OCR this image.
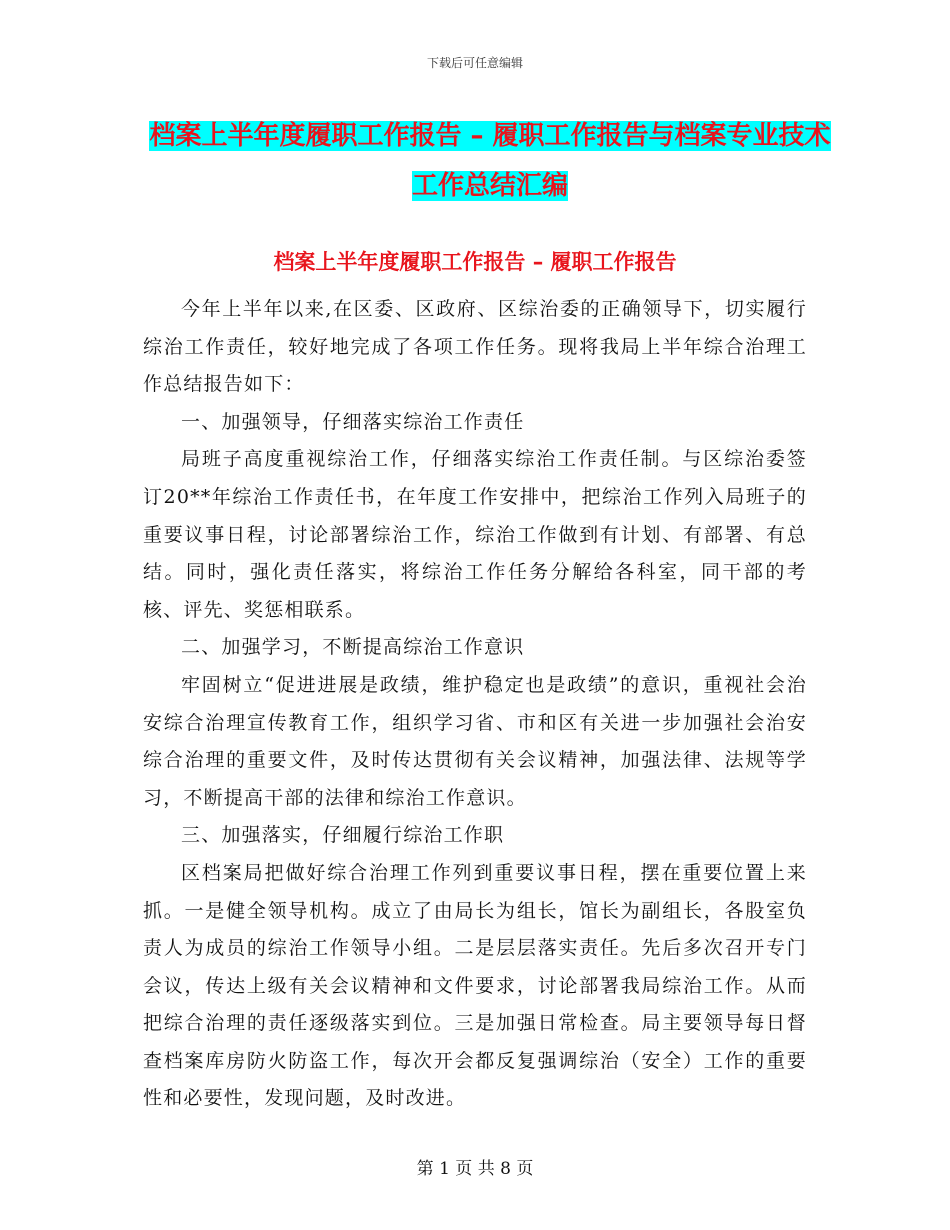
下载后可任意编辑
档案上半年度履职工作报告 – 履职工作报告与档案专业技术工作总结汇编
档案上半年度履职工作报告 – 履职工作报告

今年上半年以来,在区委、区政府、区综治委的正确领导下，切实履行综治工作责任，较好地完成了各项工作任务。现将我局上半年综合治理工作总结报告如下：

一、加强领导，仔细落实综治工作责任

局班子高度重视综治工作，仔细落实综治工作责任制。与区综治委签订20**年综治工作责任书，在年度工作安排中，把综治工作列入局班子的重要议事日程，讨论部署综治工作，综治工作做到有计划、有部署、有总结。同时，强化责任落实，将综治工作任务分解给各科室，同干部的考核、评先、奖惩相联系。

二、加强学习，不断提高综治工作意识

牢固树立“促进进展是政绩，维护稳定也是政绩”的意识，重视社会治安综合治理宣传教育工作，组织学习省、市和区有关进一步加强社会治安综合治理的重要文件，及时传达贯彻有关会议精神，加强法律、法规等学习，不断提高干部的法律和综治工作意识。

三、加强落实，仔细履行综治工作职

区档案局把做好综合治理工作列到重要议事日程，摆在重要位置上来抓。一是健全领导机构。成立了由局长为组长，馆长为副组长，各股室负责人为成员的综治工作领导小组。二是层层落实责任。先后多次召开专门会议，传达上级有关会议精神和文件要求，讨论部署我局综治工作。从而把综合治理的责任逐级落实到位。三是加强日常检查。局主要领导每日督查档案库房防火防盗工作，每次开会都反复强调综治（安全）工作的重要性和必要性，发现问题，及时改进。

第 1 页 共 8 页
